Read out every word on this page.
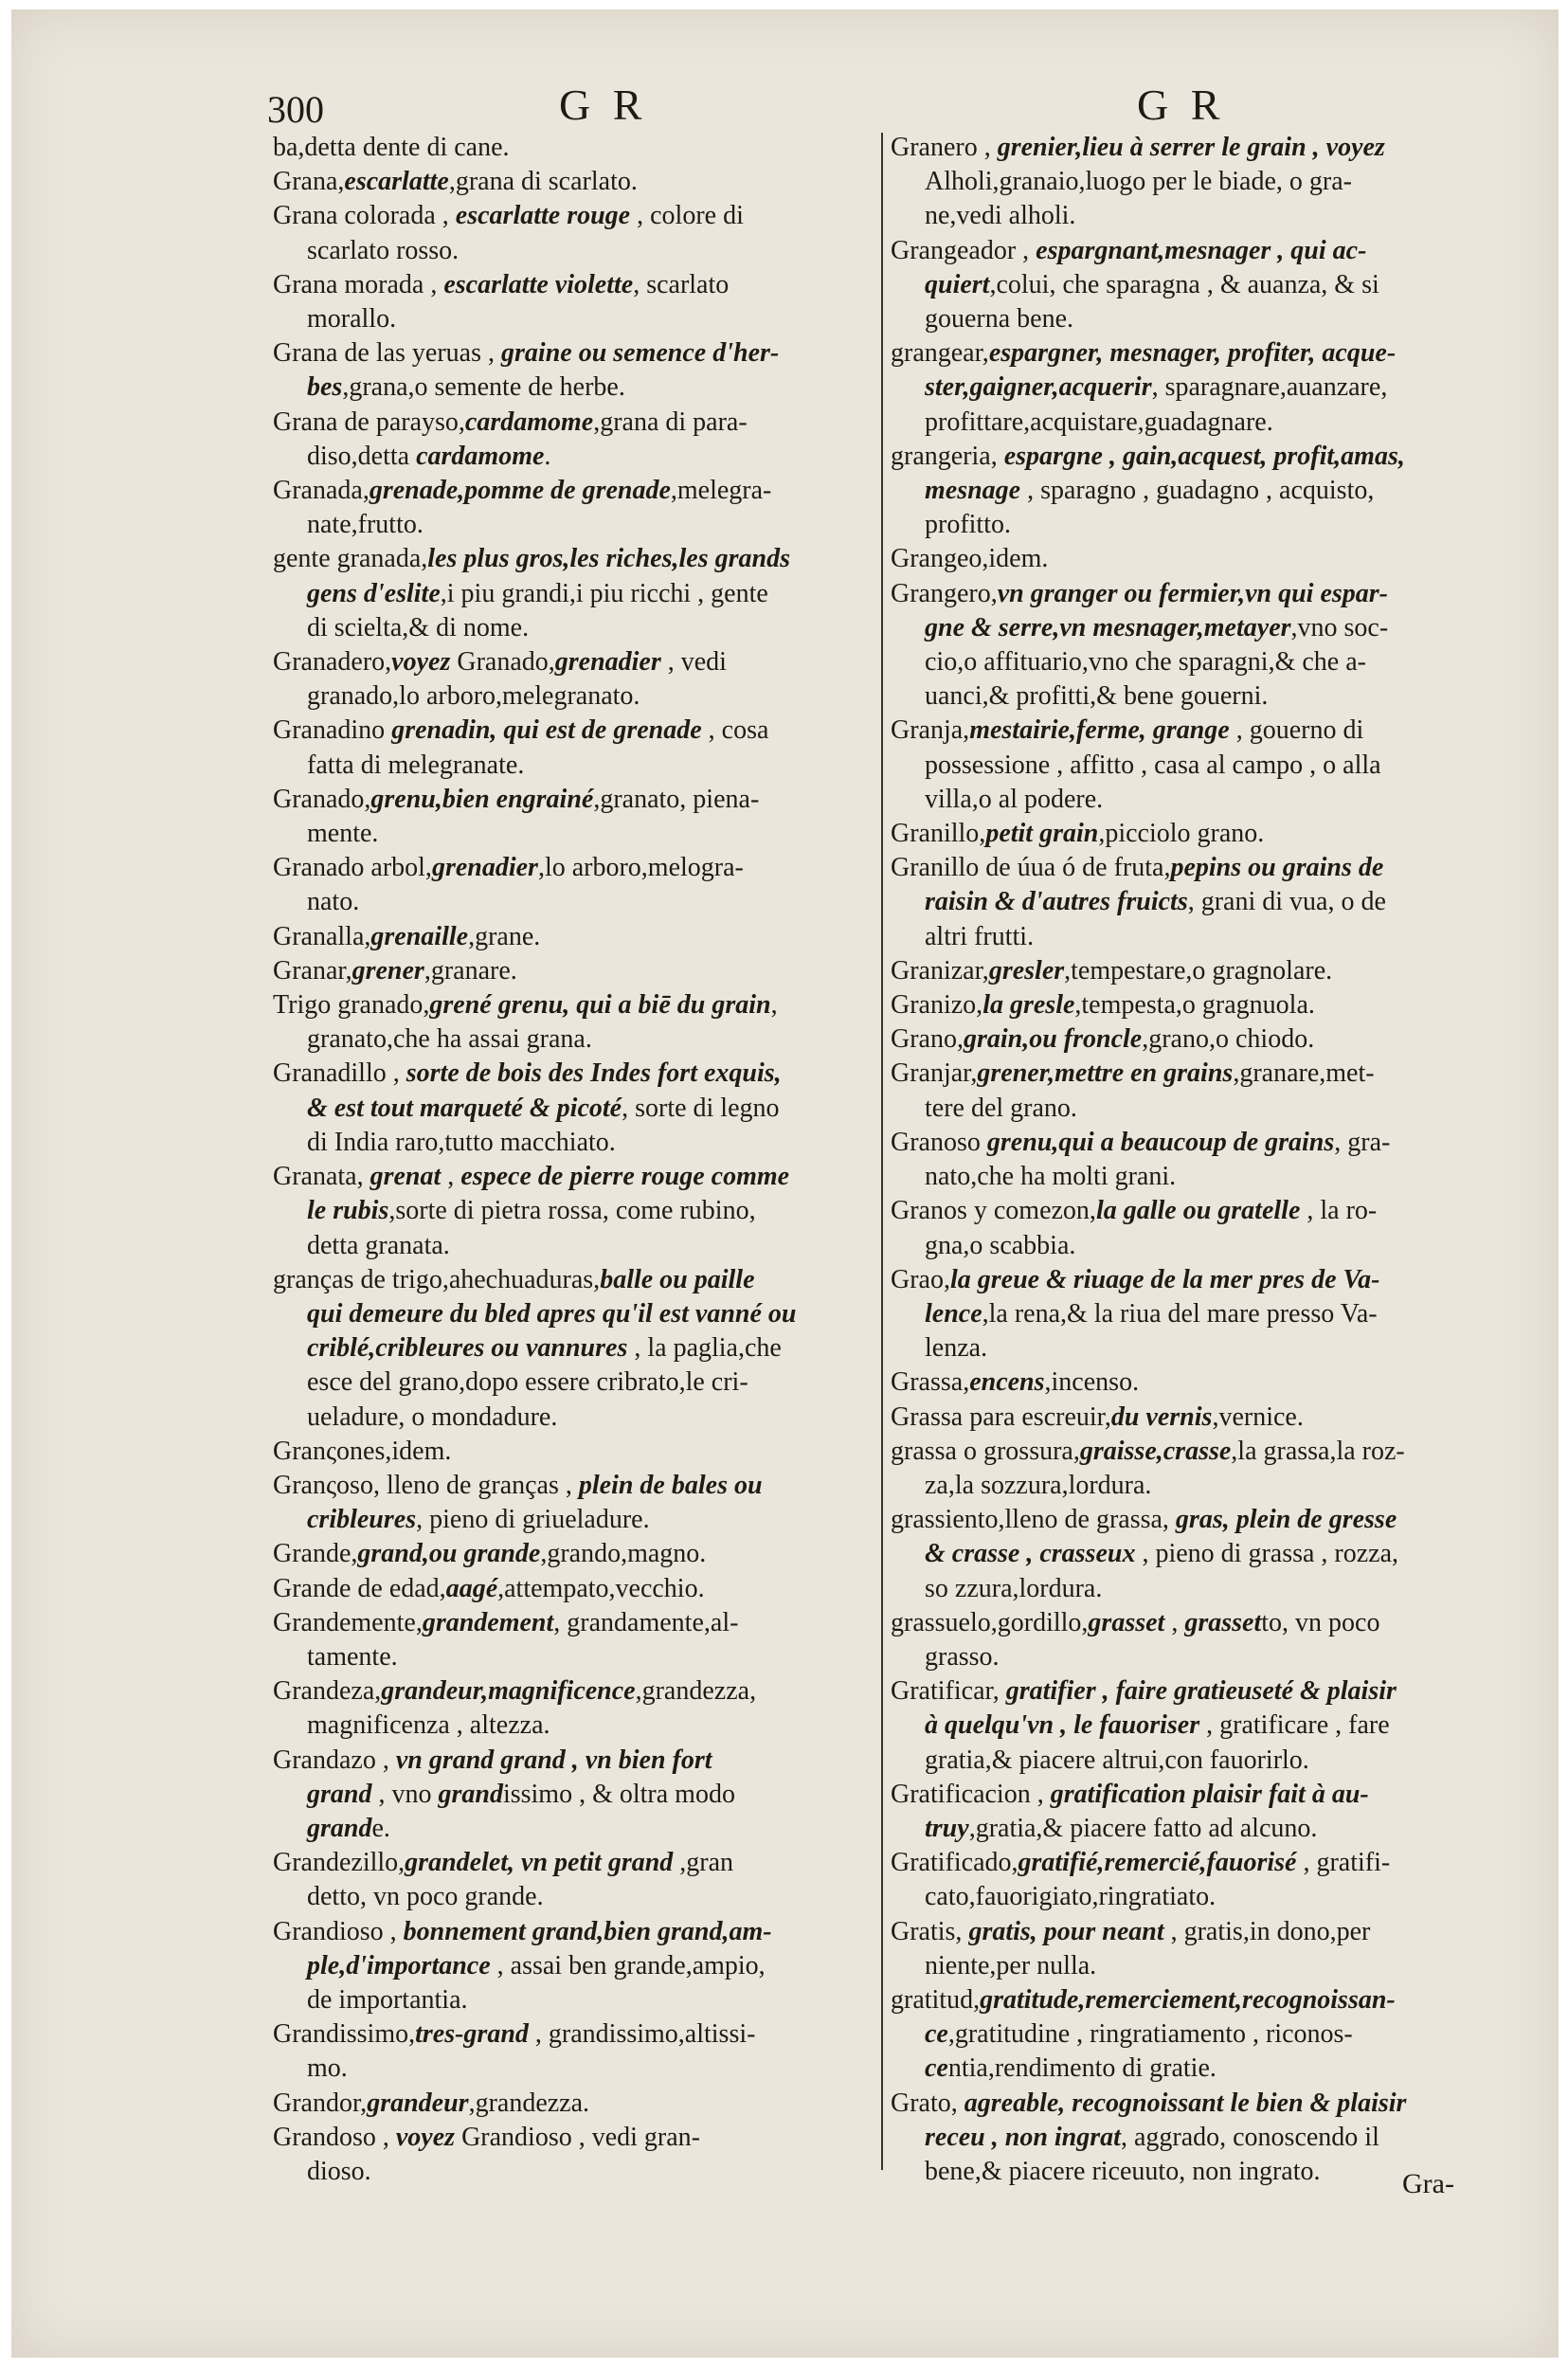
300	G R	G R

ba,detta dente di cane.

Grana,escarlatte,grana di scarlato.

Grana colorada , escarlatte rouge , colore di
scarlato rosso.

Grana morada , escarlatte violette, scarlato
morallo.

Grana de las yeruas , graine ou semence d'her-
bes,grana,o semente de herbe.

Grana de parayso,cardamome,grana di para-
diso,detta cardamome.

Granada,grenade,pomme de grenade,melegra-
nate,frutto.

gente granada,les plus gros,les riches,les grands
gens d'eslite,i piu grandi,i piu ricchi , gente
di scielta,& di nome.

Granadero,voyez Granado,grenadier , vedi
granado,lo arboro,melegranato.

Granadino grenadin, qui est de grenade , cosa
fatta di melegranate.

Granado,grenu,bien engrainé,granato, piena-
mente.

Granado arbol,grenadier,lo arboro,melogra-
nato.

Granalla,grenaille,grane.

Granar,grener,granare.

Trigo granado,grené grenu, qui a biē du grain,
granato,che ha assai grana.

Granadillo , sorte de bois des Indes fort exquis,
& est tout marqueté & picoté, sorte di legno
di India raro,tutto macchiato.

Granata, grenat , espece de pierre rouge comme
le rubis,sorte di pietra rossa, come rubino,
detta granata.

granças de trigo,ahechuaduras,balle ou paille
qui demeure du bled apres qu'il est vanné ou
criblé,cribleures ou vannures , la paglia,che
esce del grano,dopo essere cribrato,le cri-
ueladure, o mondadure.

Granςones,idem.

Granςoso, lleno de granças , plein de bales ou
cribleures, pieno di griueladure.

Grande,grand,ou grande,grando,magno.

Grande de edad,aagé,attempato,vecchio.

Grandemente,grandement, grandamente,al-
tamente.

Grandeza,grandeur,magnificence,grandezza,
magnificenza , altezza.

Grandazo , vn grand grand , vn bien fort
grand , vno grandissimo , & oltra modo
grande.

Grandezillo,grandelet, vn petit grand ,gran
detto, vn poco grande.

Grandioso , bonnement grand,bien grand,am-
ple,d'importance , assai ben grande,ampio,
de importantia.

Grandissimo,tres-grand , grandissimo,altissi-
mo.

Grandor,grandeur,grandezza.

Grandoso , voyez Grandioso , vedi gran-
dioso.

Granero , grenier,lieu à serrer le grain , voyez
Alholi,granaio,luogo per le biade, o gra-
ne,vedi alholi.

Grangeador , espargnant,mesnager , qui ac-
quiert,colui, che sparagna , & auanza, & si
gouerna bene.

grangear,espargner, mesnager, profiter, acque-
ster,gaigner,acquerir, sparagnare,auanzare,
profittare,acquistare,guadagnare.

grangeria, espargne , gain,acquest, profit,amas,
mesnage , sparagno , guadagno , acquisto,
profitto.

Grangeo,idem.

Grangero,vn granger ou fermier,vn qui espar-
gne & serre,vn mesnager,metayer,vno soc-
cio,o affituario,vno che sparagni,& che a-
uanci,& profitti,& bene gouerni.

Granja,mestairie,ferme, grange , gouerno di
possessione , affitto , casa al campo , o alla
villa,o al podere.

Granillo,petit grain,picciolo grano.

Granillo de úua ó de fruta,pepins ou grains de
raisin & d'autres fruicts, grani di vua, o de
altri frutti.

Granizar,gresler,tempestare,o gragnolare.

Granizo,la gresle,tempesta,o gragnuola.

Grano,grain,ou froncle,grano,o chiodo.

Granjar,grener,mettre en grains,granare,met-
tere del grano.

Granoso grenu,qui a beaucoup de grains, gra-
nato,che ha molti grani.

Granos y comezon,la galle ou gratelle , la ro-
gna,o scabbia.

Grao,la greue & riuage de la mer pres de Va-
lence,la rena,& la riua del mare presso Va-
lenza.

Grassa,encens,incenso.

Grassa para escreuir,du vernis,vernice.

grassa o grossura,graisse,crasse,la grassa,la roz-
za,la sozzura,lordura.

grassiento,lleno de grassa, gras, plein de gresse
& crasse , crasseux , pieno di grassa , rozza,
so zzura,lordura.

grassuelo,gordillo,grasset , grassetto, vn poco
grasso.

Gratificar, gratifier , faire gratieuseté & plaisir
à quelqu'vn , le fauoriser , gratificare , fare
gratia,& piacere altrui,con fauorirlo.

Gratificacion , gratification plaisir fait à au-
truy,gratia,& piacere fatto ad alcuno.

Gratificado,gratifié,remercié,fauorisé , gratifi-
cato,fauorigiato,ringratiato.

Gratis, gratis, pour neant , gratis,in dono,per
niente,per nulla.

gratitud,gratitude,remerciement,recognoissan-
ce,gratitudine , ringratiamento , riconos-
centia,rendimento di gratie.

Grato, agreable, recognoissant le bien & plaisir
receu , non ingrat, aggrado, conoscendo il
bene,& piacere riceuuto, non ingrato.	Gra-
